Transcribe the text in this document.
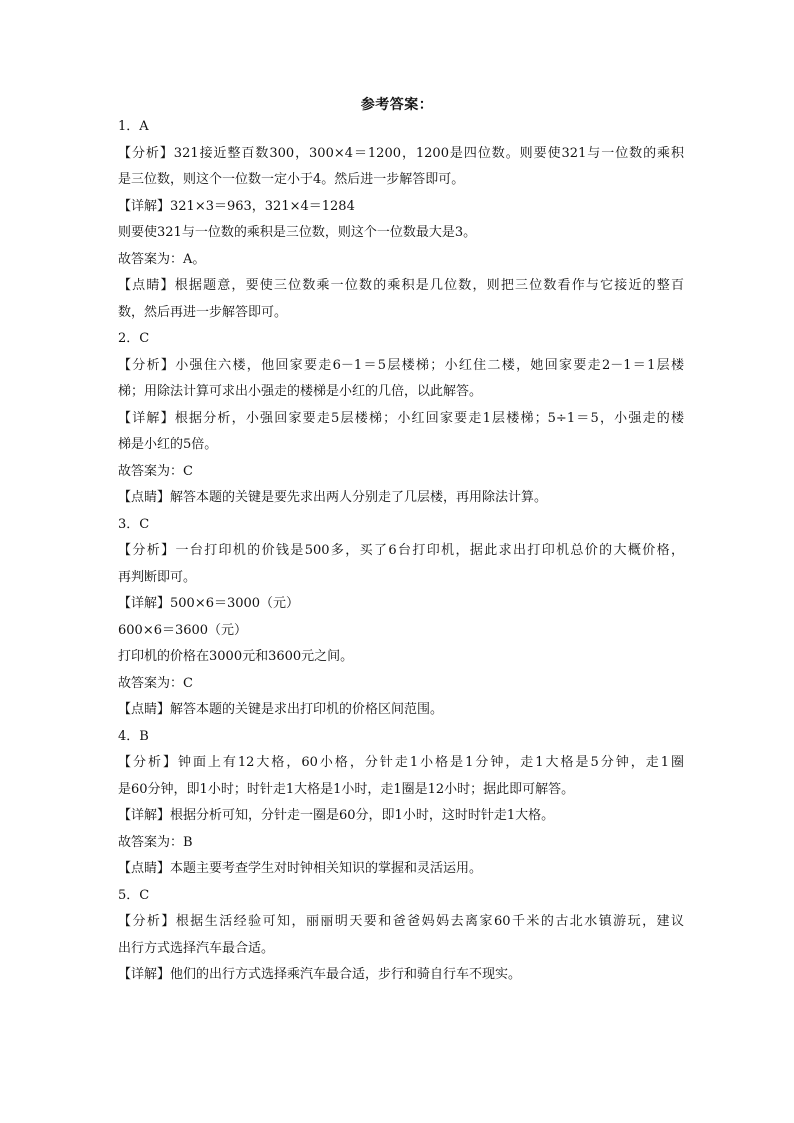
参考答案：
1．A
【分析】321接近整百数300，300×4＝1200，1200是四位数。则要使321与一位数的乘积
是三位数，则这个一位数一定小于4。然后进一步解答即可。
【详解】321×3＝963，321×4＝1284
则要使321与一位数的乘积是三位数，则这个一位数最大是3。
故答案为：A。
【点睛】根据题意，要使三位数乘一位数的乘积是几位数，则把三位数看作与它接近的整百
数，然后再进一步解答即可。
2．C
【分析】小强住六楼，他回家要走6－1＝5层楼梯；小红住二楼，她回家要走2－1＝1层楼
梯；用除法计算可求出小强走的楼梯是小红的几倍，以此解答。
【详解】根据分析，小强回家要走5层楼梯；小红回家要走1层楼梯；5÷1＝5，小强走的楼
梯是小红的5倍。
故答案为：C
【点睛】解答本题的关键是要先求出两人分别走了几层楼，再用除法计算。
3．C
【分析】一台打印机的价钱是500多，买了6台打印机，据此求出打印机总价的大概价格，
再判断即可。
【详解】500×6＝3000（元）
600×6＝3600（元）
打印机的价格在3000元和3600元之间。
故答案为：C
【点睛】解答本题的关键是求出打印机的价格区间范围。
4．B
【分析】钟面上有12大格，60小格，分针走1小格是1分钟，走1大格是5分钟，走1圈
是60分钟，即1小时；时针走1大格是1小时，走1圈是12小时；据此即可解答。
【详解】根据分析可知，分针走一圈是60分，即1小时，这时时针走1大格。
故答案为：B
【点睛】本题主要考查学生对时钟相关知识的掌握和灵活运用。
5．C
【分析】根据生活经验可知，丽丽明天要和爸爸妈妈去离家60千米的古北水镇游玩，建议
出行方式选择汽车最合适。
【详解】他们的出行方式选择乘汽车最合适，步行和骑自行车不现实。
